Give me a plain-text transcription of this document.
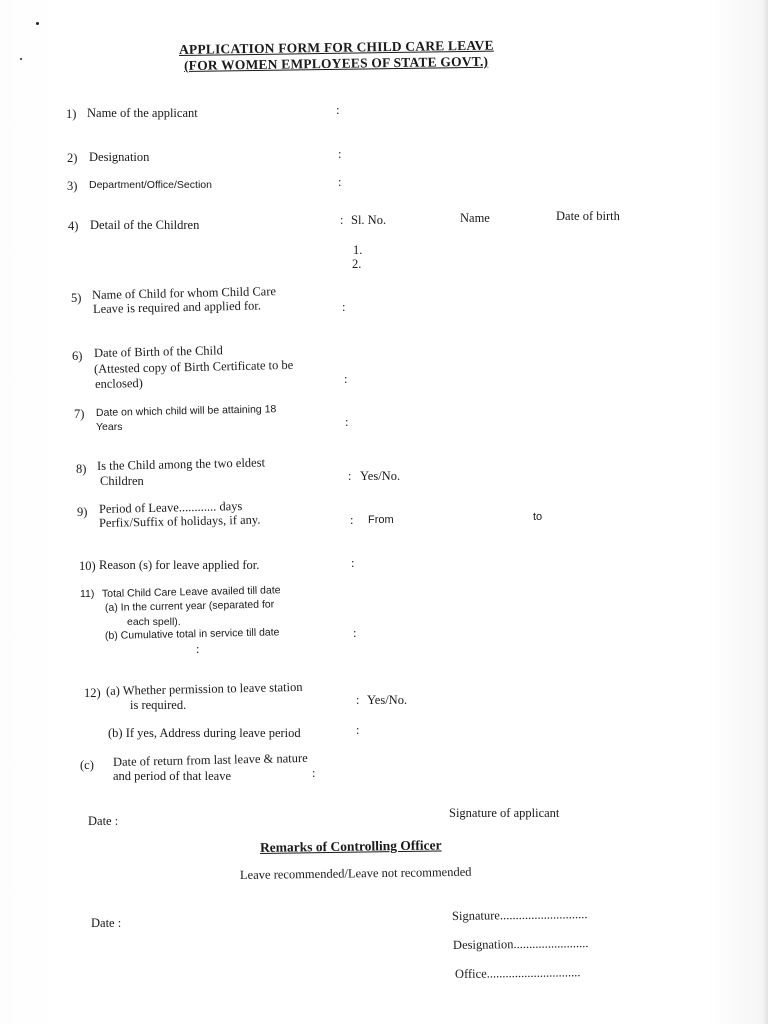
APPLICATION FORM FOR CHILD CARE LEAVE
(FOR WOMEN EMPLOYEES OF STATE GOVT.)
1) Name of the applicant	:
2) Designation	:
3) Department/Office/Section	:
4) Detail of the Children	: Sl. No.	Name	Date of birth
1.
2.
5) Name of Child for whom Child Care
Leave is required and applied for.	:
6) Date of Birth of the Child
(Attested copy of Birth Certificate to be
enclosed)	:
7) Date on which child will be attaining 18
Years	:
8) Is the Child among the two eldest
Children	: Yes/No.
9) Period of Leave............ days
Perfix/Suffix of holidays, if any.	: From	to
10) Reason (s) for leave applied for.	:
11) Total Child Care Leave availed till date
(a) In the current year (separated for
each spell).
(b) Cumulative total in service till date	:
:
12) (a) Whether permission to leave station
is required.	: Yes/No.
(b) If yes, Address during leave period	:
(c) Date of return from last leave & nature
and period of that leave	:
Date :
Signature of applicant
Remarks of Controlling Officer
Leave recommended/Leave not recommended
Date :
Signature............................
Designation........................
Office..............................
